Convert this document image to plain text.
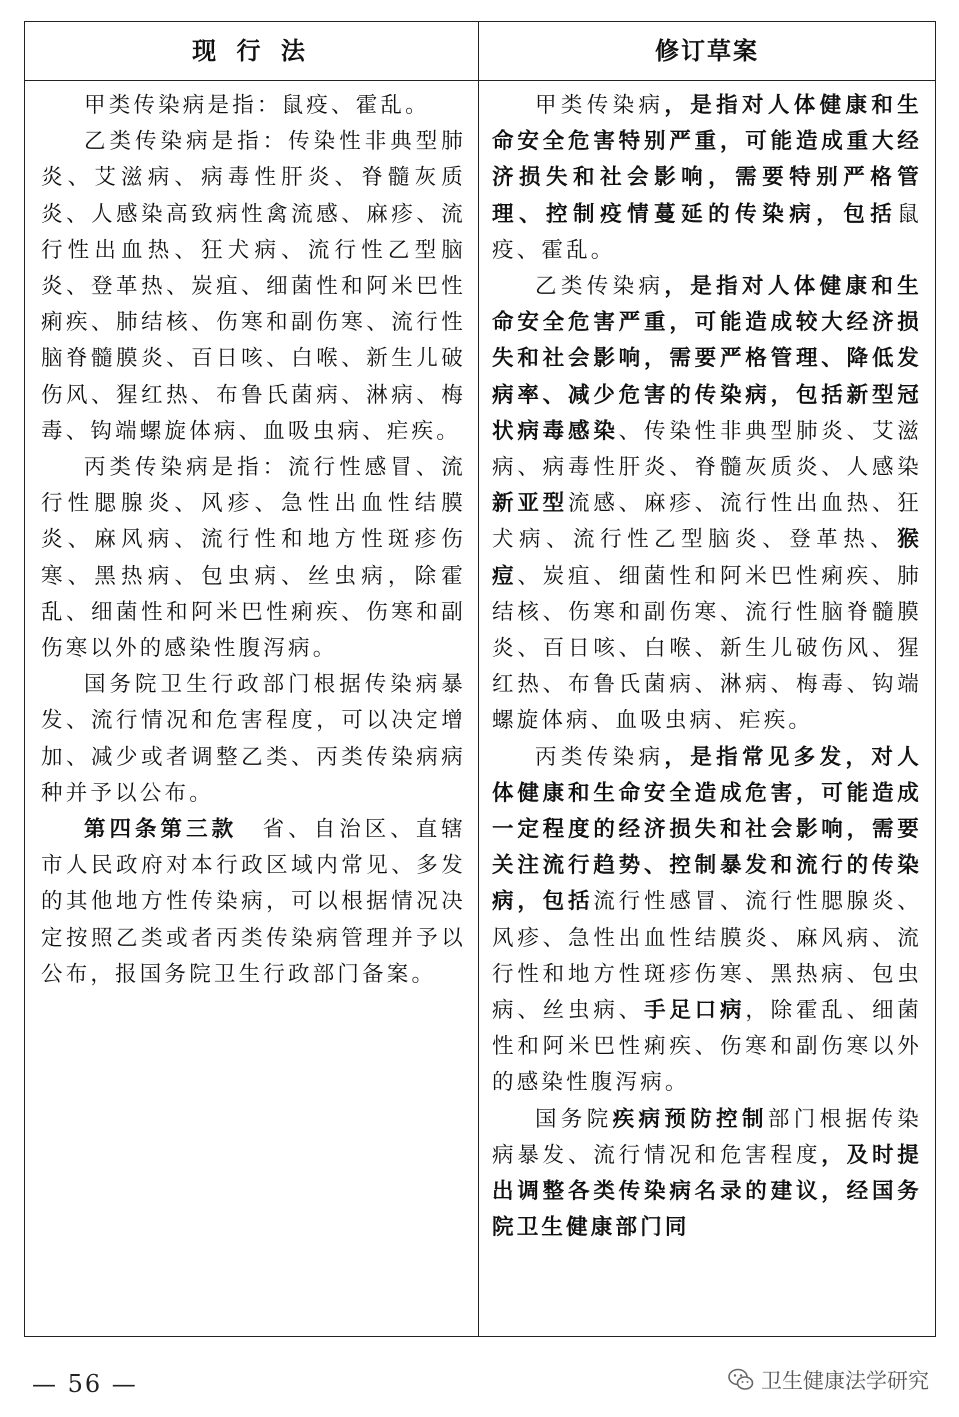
现 行 法	修订草案

甲类传染病是指：鼠疫、霍乱。

乙类传染病是指：传染性非典型肺炎、艾滋病、病毒性肝炎、脊髓灰质炎、人感染高致病性禽流感、麻疹、流行性出血热、狂犬病、流行性乙型脑炎、登革热、炭疽、细菌性和阿米巴性痢疾、肺结核、伤寒和副伤寒、流行性脑脊髓膜炎、百日咳、白喉、新生儿破伤风、猩红热、布鲁氏菌病、淋病、梅毒、钩端螺旋体病、血吸虫病、疟疾。

丙类传染病是指：流行性感冒、流行性腮腺炎、风疹、急性出血性结膜炎、麻风病、流行性和地方性斑疹伤寒、黑热病、包虫病、丝虫病，除霍乱、细菌性和阿米巴性痢疾、伤寒和副伤寒以外的感染性腹泻病。

国务院卫生行政部门根据传染病暴发、流行情况和危害程度，可以决定增加、减少或者调整乙类、丙类传染病病种并予以公布。

第四条第三款  省、自治区、直辖市人民政府对本行政区域内常见、多发的其他地方性传染病，可以根据情况决定按照乙类或者丙类传染病管理并予以公布，报国务院卫生行政部门备案。

甲类传染病，是指对人体健康和生命安全危害特别严重，可能造成重大经济损失和社会影响，需要特别严格管理、控制疫情蔓延的传染病，包括鼠疫、霍乱。

乙类传染病，是指对人体健康和生命安全危害严重，可能造成较大经济损失和社会影响，需要严格管理、降低发病率、减少危害的传染病，包括新型冠状病毒感染、传染性非典型肺炎、艾滋病、病毒性肝炎、脊髓灰质炎、人感染新亚型流感、麻疹、流行性出血热、狂犬病、流行性乙型脑炎、登革热、猴痘、炭疽、细菌性和阿米巴性痢疾、肺结核、伤寒和副伤寒、流行性脑脊髓膜炎、百日咳、白喉、新生儿破伤风、猩红热、布鲁氏菌病、淋病、梅毒、钩端螺旋体病、血吸虫病、疟疾。

丙类传染病，是指常见多发，对人体健康和生命安全造成危害，可能造成一定程度的经济损失和社会影响，需要关注流行趋势、控制暴发和流行的传染病，包括流行性感冒、流行性腮腺炎、风疹、急性出血性结膜炎、麻风病、流行性和地方性斑疹伤寒、黑热病、包虫病、丝虫病、手足口病，除霍乱、细菌性和阿米巴性痢疾、伤寒和副伤寒以外的感染性腹泻病。

国务院疾病预防控制部门根据传染病暴发、流行情况和危害程度，及时提出调整各类传染病名录的建议，经国务院卫生健康部门同

— 56 —	卫生健康法学研究
